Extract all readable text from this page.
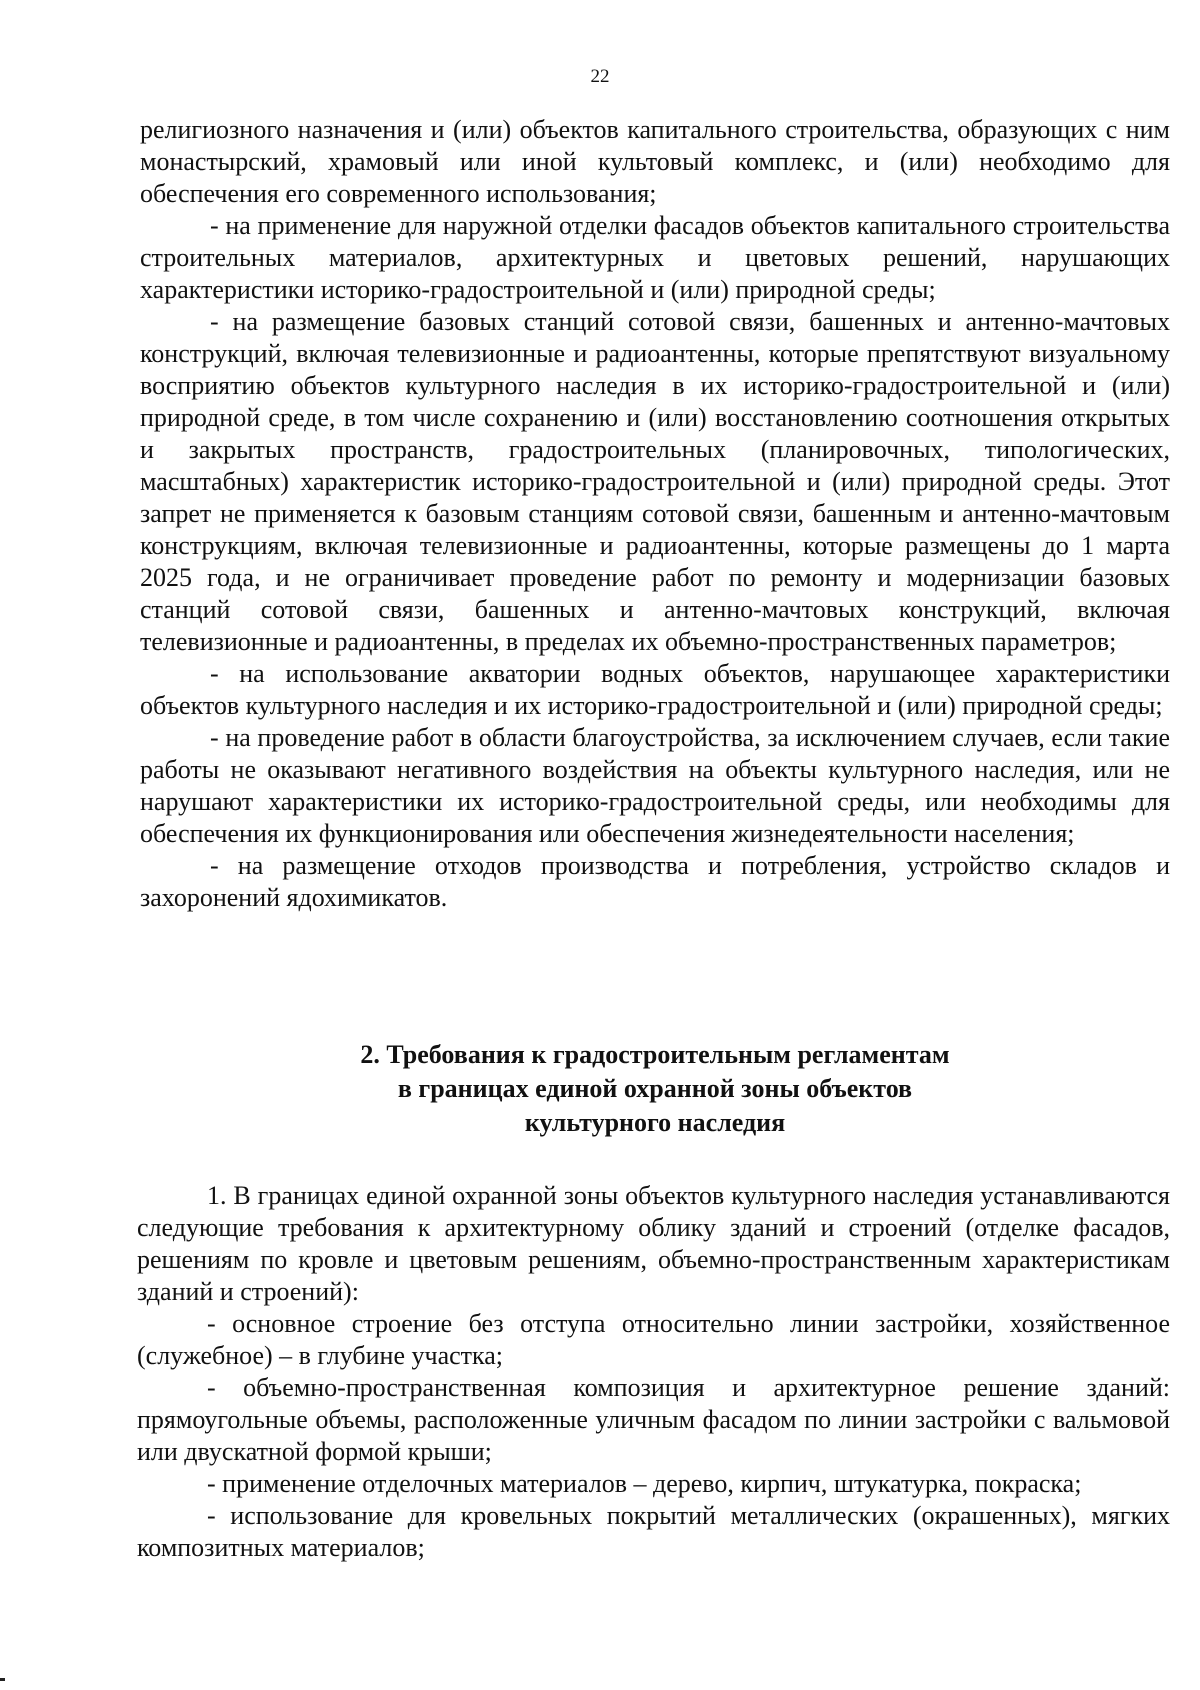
22

религиозного назначения и (или) объектов капитального строительства, образующих с ним монастырский, храмовый или иной культовый комплекс, и (или) необходимо для обеспечения его современного использования;

- на применение для наружной отделки фасадов объектов капитального строительства строительных материалов, архитектурных и цветовых решений, нарушающих характеристики историко-градостроительной и (или) природной среды;

- на размещение базовых станций сотовой связи, башенных и антенно-мачтовых конструкций, включая телевизионные и радиоантенны, которые препятствуют визуальному восприятию объектов культурного наследия в их историко-градостроительной и (или) природной среде, в том числе сохранению и (или) восстановлению соотношения открытых и закрытых пространств, градостроительных (планировочных, типологических, масштабных) характеристик историко-градостроительной и (или) природной среды. Этот запрет не применяется к базовым станциям сотовой связи, башенным и антенно-мачтовым конструкциям, включая телевизионные и радиоантенны, которые размещены до 1 марта 2025 года, и не ограничивает проведение работ по ремонту и модернизации базовых станций сотовой связи, башенных и антенно-мачтовых конструкций, включая телевизионные и радиоантенны, в пределах их объемно-пространственных параметров;

- на использование акватории водных объектов, нарушающее характеристики объектов культурного наследия и их историко-градостроительной и (или) природной среды;

- на проведение работ в области благоустройства, за исключением случаев, если такие работы не оказывают негативного воздействия на объекты культурного наследия, или не нарушают характеристики их историко-градостроительной среды, или необходимы для обеспечения их функционирования или обеспечения жизнедеятельности населения;

- на размещение отходов производства и потребления, устройство складов и захоронений ядохимикатов.

2. Требования к градостроительным регламентам
в границах единой охранной зоны объектов
культурного наследия

1. В границах единой охранной зоны объектов культурного наследия устанавливаются следующие требования к архитектурному облику зданий и строений (отделке фасадов, решениям по кровле и цветовым решениям, объемно-пространственным характеристикам зданий и строений):

- основное строение без отступа относительно линии застройки, хозяйственное (служебное) – в глубине участка;

- объемно-пространственная композиция и архитектурное решение зданий: прямоугольные объемы, расположенные уличным фасадом по линии застройки с вальмовой или двускатной формой крыши;

- применение отделочных материалов – дерево, кирпич, штукатурка, покраска;

- использование для кровельных покрытий металлических (окрашенных), мягких композитных материалов;
